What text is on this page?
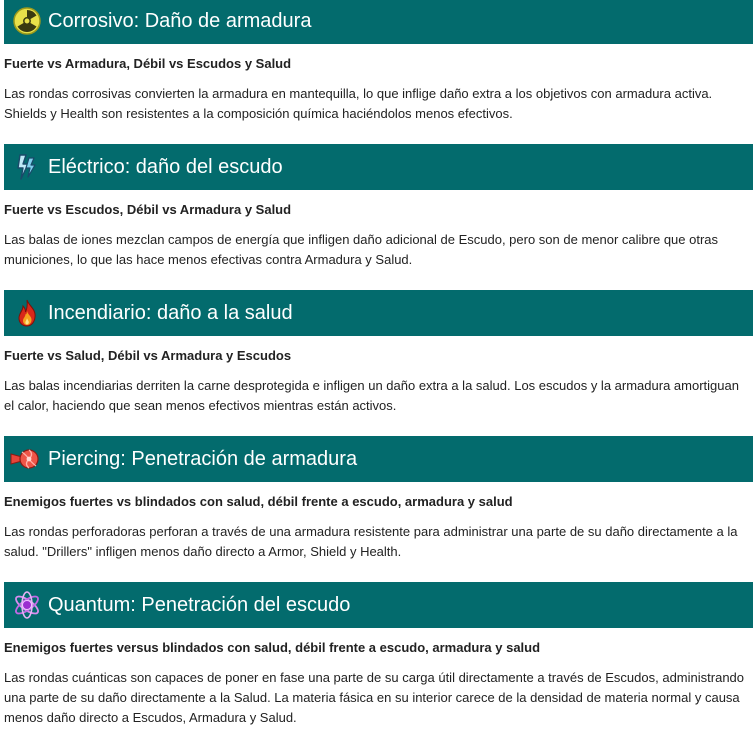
Corrosivo: Daño de armadura

Fuerte vs Armadura, Débil vs Escudos y Salud

Las rondas corrosivas convierten la armadura en mantequilla, lo que inflige daño extra a los objetivos con armadura activa. Shields y Health son resistentes a la composición química haciéndolos menos efectivos.

Eléctrico: daño del escudo

Fuerte vs Escudos, Débil vs Armadura y Salud

Las balas de iones mezclan campos de energía que infligen daño adicional de Escudo, pero son de menor calibre que otras municiones, lo que las hace menos efectivas contra Armadura y Salud.

Incendiario: daño a la salud

Fuerte vs Salud, Débil vs Armadura y Escudos

Las balas incendiarias derriten la carne desprotegida e infligen un daño extra a la salud. Los escudos y la armadura amortiguan el calor, haciendo que sean menos efectivos mientras están activos.

Piercing: Penetración de armadura

Enemigos fuertes vs blindados con salud, débil frente a escudo, armadura y salud

Las rondas perforadoras perforan a través de una armadura resistente para administrar una parte de su daño directamente a la salud. "Drillers" infligen menos daño directo a Armor, Shield y Health.

Quantum: Penetración del escudo

Enemigos fuertes versus blindados con salud, débil frente a escudo, armadura y salud

Las rondas cuánticas son capaces de poner en fase una parte de su carga útil directamente a través de Escudos, administrando una parte de su daño directamente a la Salud. La materia fásica en su interior carece de la densidad de materia normal y causa menos daño directo a Escudos, Armadura y Salud.
